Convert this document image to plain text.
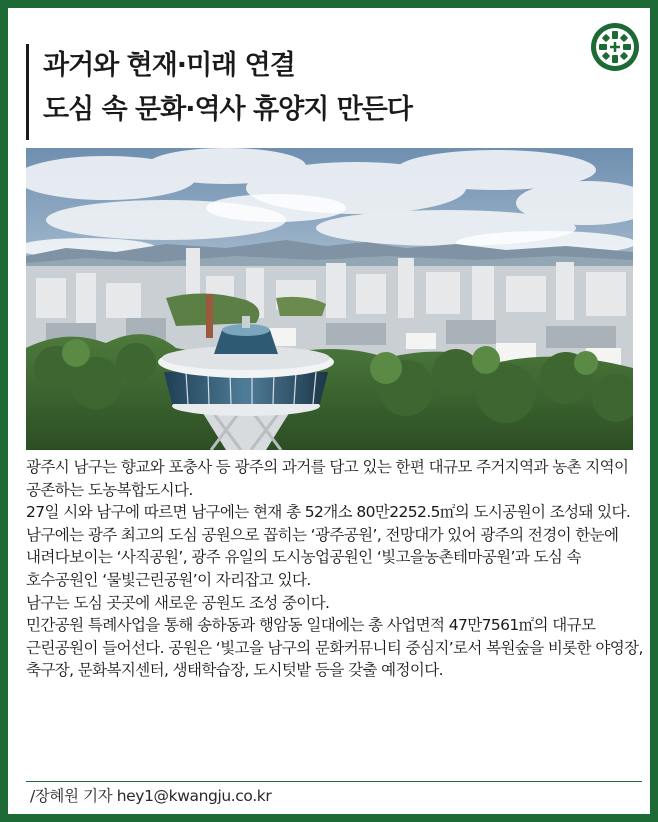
과거와 현재·미래 연결
도심 속 문화·역사 휴양지 만든다

광주시 남구는 향교와 포충사 등 광주의 과거를 담고 있는 한편 대규모 주거지역과 농촌 지역이 공존하는 도농복합도시다.

27일 시와 남구에 따르면 남구에는 현재 총 52개소 80만2252.5㎡의 도시공원이 조성돼 있다.

남구에는 광주 최고의 도심 공원으로 꼽히는 ‘광주공원’, 전망대가 있어 광주의 전경이 한눈에 내려다보이는 ‘사직공원’, 광주 유일의 도시농업공원인 ‘빛고을농촌테마공원’과 도심 속 호수공원인 ‘물빛근린공원’이 자리잡고 있다.

남구는 도심 곳곳에 새로운 공원도 조성 중이다.

민간공원 특례사업을 통해 송하동과 행암동 일대에는 총 사업면적 47만7561㎡의 대규모 근린공원이 들어선다. 공원은 ‘빛고을 남구의 문화커뮤니티 중심지’로서 복원숲을 비롯한 야영장, 축구장, 문화복지센터, 생태학습장, 도시텃밭 등을 갖출 예정이다.

/장혜원 기자 hey1@kwangju.co.kr
